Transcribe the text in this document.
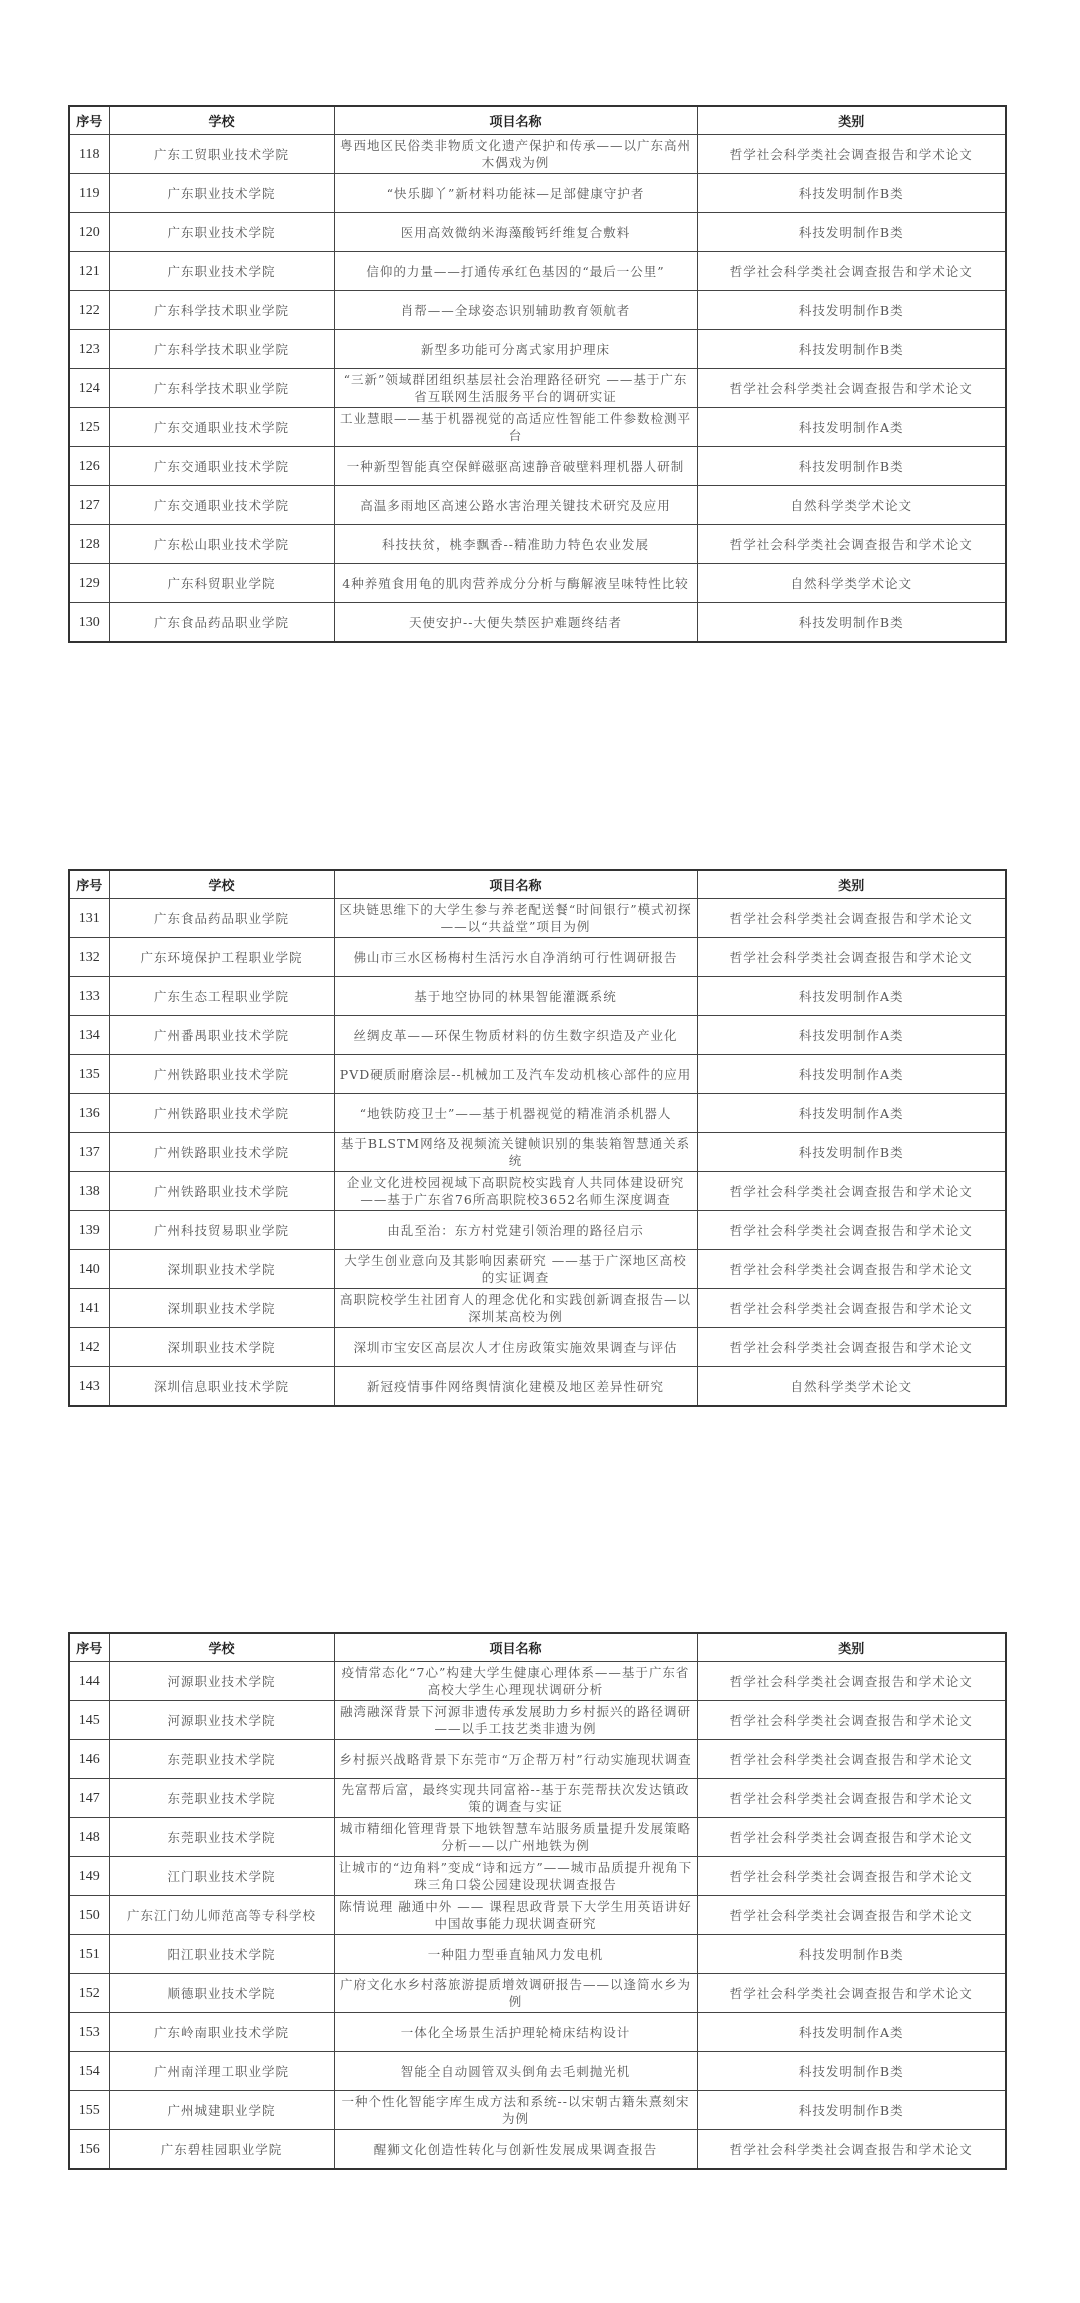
序号	学校	项目名称	类别
118	广东工贸职业技术学院	粤西地区民俗类非物质文化遗产保护和传承——以广东高州木偶戏为例	哲学社会科学类社会调查报告和学术论文
119	广东职业技术学院	“快乐脚丫”新材料功能袜—足部健康守护者	科技发明制作B类
120	广东职业技术学院	医用高效微纳米海藻酸钙纤维复合敷料	科技发明制作B类
121	广东职业技术学院	信仰的力量——打通传承红色基因的“最后一公里”	哲学社会科学类社会调查报告和学术论文
122	广东科学技术职业学院	肖帮——全球姿态识别辅助教育领航者	科技发明制作B类
123	广东科学技术职业学院	新型多功能可分离式家用护理床	科技发明制作B类
124	广东科学技术职业学院	“三新”领域群团组织基层社会治理路径研究 ——基于广东省互联网生活服务平台的调研实证	哲学社会科学类社会调查报告和学术论文
125	广东交通职业技术学院	工业慧眼——基于机器视觉的高适应性智能工件参数检测平台	科技发明制作A类
126	广东交通职业技术学院	一种新型智能真空保鲜磁驱高速静音破壁料理机器人研制	科技发明制作B类
127	广东交通职业技术学院	高温多雨地区高速公路水害治理关键技术研究及应用	自然科学类学术论文
128	广东松山职业技术学院	科技扶贫，桃李飘香--精准助力特色农业发展	哲学社会科学类社会调查报告和学术论文
129	广东科贸职业学院	4种养殖食用龟的肌肉营养成分分析与酶解液呈味特性比较	自然科学类学术论文
130	广东食品药品职业学院	天使安护--大便失禁医护难题终结者	科技发明制作B类
序号	学校	项目名称	类别
131	广东食品药品职业学院	区块链思维下的大学生参与养老配送餐“时间银行”模式初探 ——以“共益堂”项目为例	哲学社会科学类社会调查报告和学术论文
132	广东环境保护工程职业学院	佛山市三水区杨梅村生活污水自净消纳可行性调研报告	哲学社会科学类社会调查报告和学术论文
133	广东生态工程职业学院	基于地空协同的林果智能灌溉系统	科技发明制作A类
134	广州番禺职业技术学院	丝绸皮革——环保生物质材料的仿生数字织造及产业化	科技发明制作A类
135	广州铁路职业技术学院	PVD硬质耐磨涂层--机械加工及汽车发动机核心部件的应用	科技发明制作A类
136	广州铁路职业技术学院	“地铁防疫卫士”——基于机器视觉的精准消杀机器人	科技发明制作A类
137	广州铁路职业技术学院	基于BLSTM网络及视频流关键帧识别的集装箱智慧通关系统	科技发明制作B类
138	广州铁路职业技术学院	企业文化进校园视域下高职院校实践育人共同体建设研究——基于广东省76所高职院校3652名师生深度调查	哲学社会科学类社会调查报告和学术论文
139	广州科技贸易职业学院	由乱至治：东方村党建引领治理的路径启示	哲学社会科学类社会调查报告和学术论文
140	深圳职业技术学院	大学生创业意向及其影响因素研究 ——基于广深地区高校的实证调查	哲学社会科学类社会调查报告和学术论文
141	深圳职业技术学院	高职院校学生社团育人的理念优化和实践创新调查报告—以深圳某高校为例	哲学社会科学类社会调查报告和学术论文
142	深圳职业技术学院	深圳市宝安区高层次人才住房政策实施效果调查与评估	哲学社会科学类社会调查报告和学术论文
143	深圳信息职业技术学院	新冠疫情事件网络舆情演化建模及地区差异性研究	自然科学类学术论文
序号	学校	项目名称	类别
144	河源职业技术学院	疫情常态化“7心”构建大学生健康心理体系——基于广东省高校大学生心理现状调研分析	哲学社会科学类社会调查报告和学术论文
145	河源职业技术学院	融湾融深背景下河源非遗传承发展助力乡村振兴的路径调研——以手工技艺类非遗为例	哲学社会科学类社会调查报告和学术论文
146	东莞职业技术学院	乡村振兴战略背景下东莞市“万企帮万村”行动实施现状调查	哲学社会科学类社会调查报告和学术论文
147	东莞职业技术学院	先富帮后富，最终实现共同富裕--基于东莞帮扶次发达镇政策的调查与实证	哲学社会科学类社会调查报告和学术论文
148	东莞职业技术学院	城市精细化管理背景下地铁智慧车站服务质量提升发展策略分析——以广州地铁为例	哲学社会科学类社会调查报告和学术论文
149	江门职业技术学院	让城市的“边角料”变成“诗和远方”——城市品质提升视角下珠三角口袋公园建设现状调查报告	哲学社会科学类社会调查报告和学术论文
150	广东江门幼儿师范高等专科学校	陈情说理 融通中外 —— 课程思政背景下大学生用英语讲好中国故事能力现状调查研究	哲学社会科学类社会调查报告和学术论文
151	阳江职业技术学院	一种阻力型垂直轴风力发电机	科技发明制作B类
152	顺德职业技术学院	广府文化水乡村落旅游提质增效调研报告——以逢简水乡为例	哲学社会科学类社会调查报告和学术论文
153	广东岭南职业技术学院	一体化全场景生活护理轮椅床结构设计	科技发明制作A类
154	广州南洋理工职业学院	智能全自动圆管双头倒角去毛刺抛光机	科技发明制作B类
155	广州城建职业学院	一种个性化智能字库生成方法和系统--以宋朝古籍朱熹刻宋为例	科技发明制作B类
156	广东碧桂园职业学院	醒狮文化创造性转化与创新性发展成果调查报告	哲学社会科学类社会调查报告和学术论文
